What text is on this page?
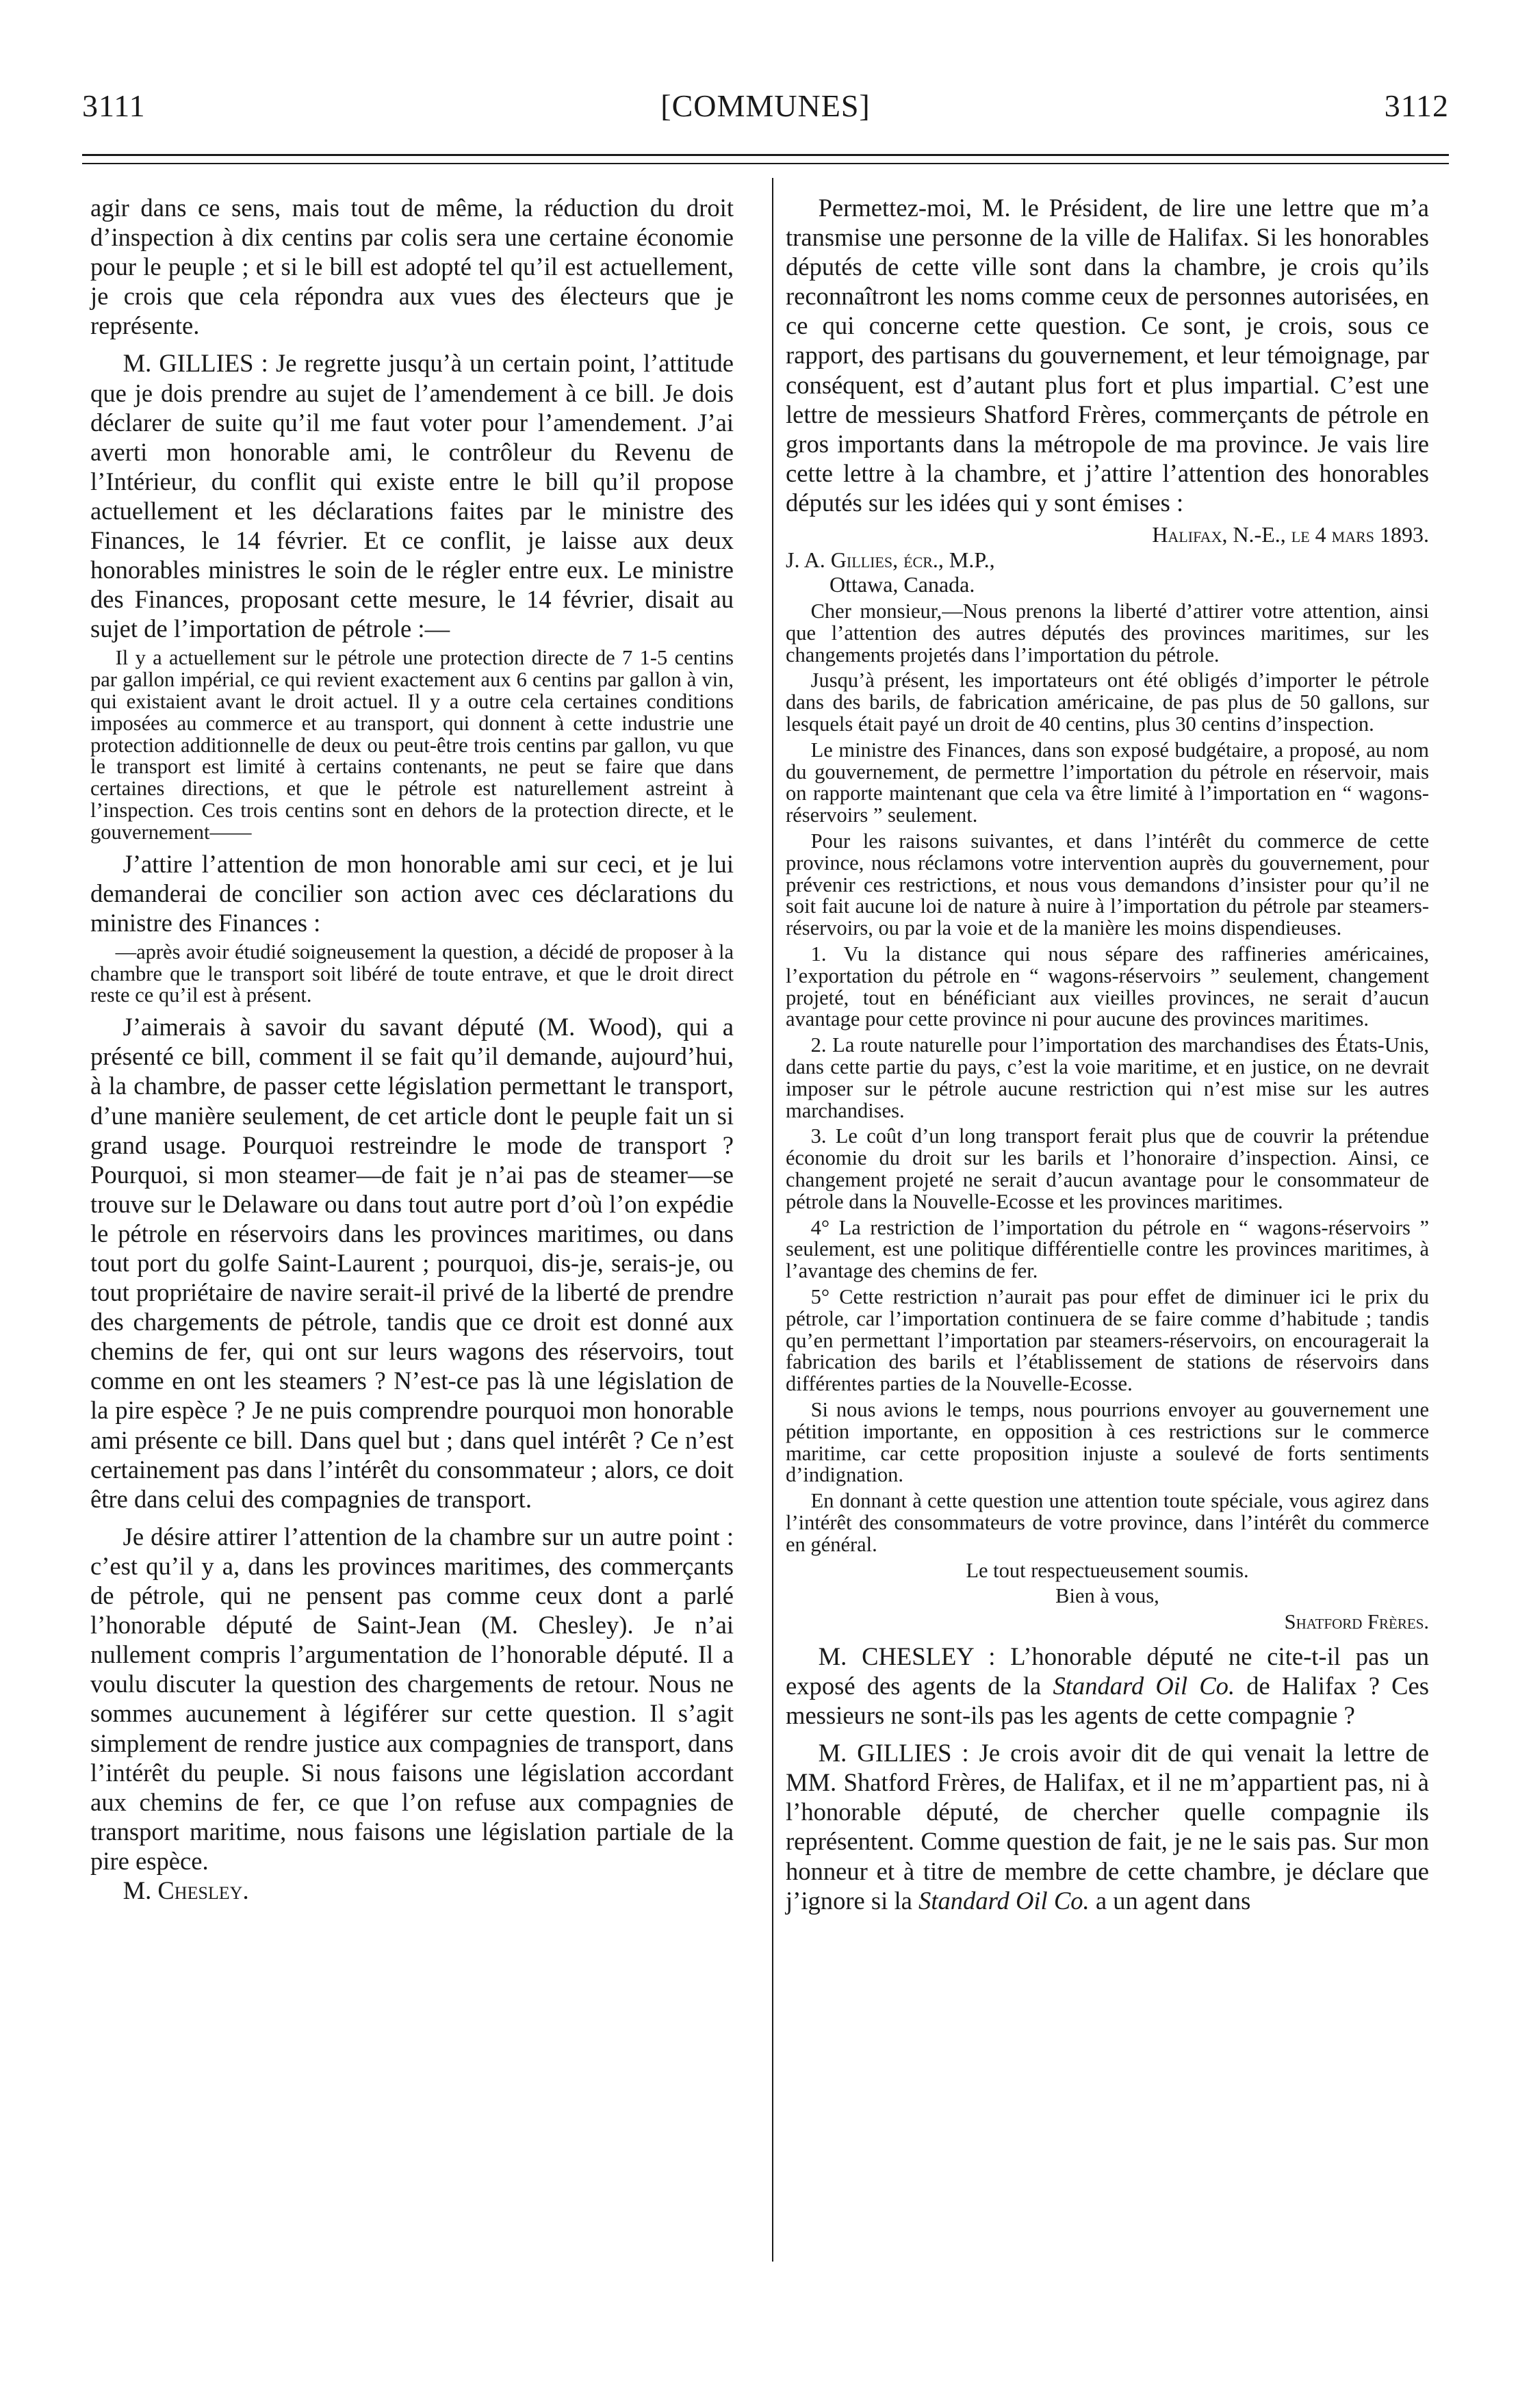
3111	[COMMUNES]	3112

agir dans ce sens, mais tout de même, la réduction du droit d’inspection à dix centins par colis sera une certaine économie pour le peuple ; et si le bill est adopté tel qu’il est actuellement, je crois que cela répondra aux vues des électeurs que je représente.

M. GILLIES : Je regrette jusqu’à un certain point, l’attitude que je dois prendre au sujet de l’amendement à ce bill. Je dois déclarer de suite qu’il me faut voter pour l’amendement. J’ai averti mon honorable ami, le contrôleur du Revenu de l’Intérieur, du conflit qui existe entre le bill qu’il propose actuellement et les déclarations faites par le ministre des Finances, le 14 février. Et ce conflit, je laisse aux deux honorables ministres le soin de le régler entre eux. Le ministre des Finances, proposant cette mesure, le 14 février, disait au sujet de l’importation de pétrole :—

Il y a actuellement sur le pétrole une protection directe de 7 1-5 centins par gallon impérial, ce qui revient exactement aux 6 centins par gallon à vin, qui existaient avant le droit actuel. Il y a outre cela certaines conditions imposées au commerce et au transport, qui donnent à cette industrie une protection additionnelle de deux ou peut-être trois centins par gallon, vu que le transport est limité à certains contenants, ne peut se faire que dans certaines directions, et que le pétrole est naturellement astreint à l’inspection. Ces trois centins sont en dehors de la protection directe, et le gouvernement——

J’attire l’attention de mon honorable ami sur ceci, et je lui demanderai de concilier son action avec ces déclarations du ministre des Finances :

—après avoir étudié soigneusement la question, a décidé de proposer à la chambre que le transport soit libéré de toute entrave, et que le droit direct reste ce qu’il est à présent.

J’aimerais à savoir du savant député (M. Wood), qui a présenté ce bill, comment il se fait qu’il demande, aujourd’hui, à la chambre, de passer cette législation permettant le transport, d’une manière seulement, de cet article dont le peuple fait un si grand usage. Pourquoi restreindre le mode de transport ? Pourquoi, si mon steamer—de fait je n’ai pas de steamer—se trouve sur le Delaware ou dans tout autre port d’où l’on expédie le pétrole en réservoirs dans les provinces maritimes, ou dans tout port du golfe Saint-Laurent ; pourquoi, dis-je, serais-je, ou tout propriétaire de navire serait-il privé de la liberté de prendre des chargements de pétrole, tandis que ce droit est donné aux chemins de fer, qui ont sur leurs wagons des réservoirs, tout comme en ont les steamers ? N’est-ce pas là une législation de la pire espèce ? Je ne puis comprendre pourquoi mon honorable ami présente ce bill. Dans quel but ; dans quel intérêt ? Ce n’est certainement pas dans l’intérêt du consommateur ; alors, ce doit être dans celui des compagnies de transport.

Je désire attirer l’attention de la chambre sur un autre point : c’est qu’il y a, dans les provinces maritimes, des commerçants de pétrole, qui ne pensent pas comme ceux dont a parlé l’honorable député de Saint-Jean (M. Chesley). Je n’ai nullement compris l’argumentation de l’honorable député. Il a voulu discuter la question des chargements de retour. Nous ne sommes aucunement à légiférer sur cette question. Il s’agit simplement de rendre justice aux compagnies de transport, dans l’intérêt du peuple. Si nous faisons une législation accordant aux chemins de fer, ce que l’on refuse aux compagnies de transport maritime, nous faisons une législation partiale de la pire espèce.

M. Chesley.

Permettez-moi, M. le Président, de lire une lettre que m’a transmise une personne de la ville de Halifax. Si les honorables députés de cette ville sont dans la chambre, je crois qu’ils reconnaîtront les noms comme ceux de personnes autorisées, en ce qui concerne cette question. Ce sont, je crois, sous ce rapport, des partisans du gouvernement, et leur témoignage, par conséquent, est d’autant plus fort et plus impartial. C’est une lettre de messieurs Shatford Frères, commerçants de pétrole en gros importants dans la métropole de ma province. Je vais lire cette lettre à la chambre, et j’attire l’attention des honorables députés sur les idées qui y sont émises :

Halifax, N.-E., le 4 mars 1893.

J. A. Gillies, écr., M.P.,

Ottawa, Canada.

Cher monsieur,—Nous prenons la liberté d’attirer votre attention, ainsi que l’attention des autres députés des provinces maritimes, sur les changements projetés dans l’importation du pétrole.

Jusqu’à présent, les importateurs ont été obligés d’importer le pétrole dans des barils, de fabrication américaine, de pas plus de 50 gallons, sur lesquels était payé un droit de 40 centins, plus 30 centins d’inspection.

Le ministre des Finances, dans son exposé budgétaire, a proposé, au nom du gouvernement, de permettre l’importation du pétrole en réservoir, mais on rapporte maintenant que cela va être limité à l’importation en “ wagons-réservoirs ” seulement.

Pour les raisons suivantes, et dans l’intérêt du commerce de cette province, nous réclamons votre intervention auprès du gouvernement, pour prévenir ces restrictions, et nous vous demandons d’insister pour qu’il ne soit fait aucune loi de nature à nuire à l’importation du pétrole par steamers-réservoirs, ou par la voie et de la manière les moins dispendieuses.

1. Vu la distance qui nous sépare des raffineries américaines, l’exportation du pétrole en “ wagons-réservoirs ” seulement, changement projeté, tout en bénéficiant aux vieilles provinces, ne serait d’aucun avantage pour cette province ni pour aucune des provinces maritimes.

2. La route naturelle pour l’importation des marchandises des États-Unis, dans cette partie du pays, c’est la voie maritime, et en justice, on ne devrait imposer sur le pétrole aucune restriction qui n’est mise sur les autres marchandises.

3. Le coût d’un long transport ferait plus que de couvrir la prétendue économie du droit sur les barils et l’honoraire d’inspection. Ainsi, ce changement projeté ne serait d’aucun avantage pour le consommateur de pétrole dans la Nouvelle-Ecosse et les provinces maritimes.

4° La restriction de l’importation du pétrole en “ wagons-réservoirs ” seulement, est une politique différentielle contre les provinces maritimes, à l’avantage des chemins de fer.

5° Cette restriction n’aurait pas pour effet de diminuer ici le prix du pétrole, car l’importation continuera de se faire comme d’habitude ; tandis qu’en permettant l’importation par steamers-réservoirs, on encouragerait la fabrication des barils et l’établissement de stations de réservoirs dans différentes parties de la Nouvelle-Ecosse.

Si nous avions le temps, nous pourrions envoyer au gouvernement une pétition importante, en opposition à ces restrictions sur le commerce maritime, car cette proposition injuste a soulevé de forts sentiments d’indignation.

En donnant à cette question une attention toute spéciale, vous agirez dans l’intérêt des consommateurs de votre province, dans l’intérêt du commerce en général.

Le tout respectueusement soumis.

Bien à vous,

Shatford Frères.

M. CHESLEY : L’honorable député ne cite-t-il pas un exposé des agents de la Standard Oil Co. de Halifax ? Ces messieurs ne sont-ils pas les agents de cette compagnie ?

M. GILLIES : Je crois avoir dit de qui venait la lettre de MM. Shatford Frères, de Halifax, et il ne m’appartient pas, ni à l’honorable député, de chercher quelle compagnie ils représentent. Comme question de fait, je ne le sais pas. Sur mon honneur et à titre de membre de cette chambre, je déclare que j’ignore si la Standard Oil Co. a un agent dans
